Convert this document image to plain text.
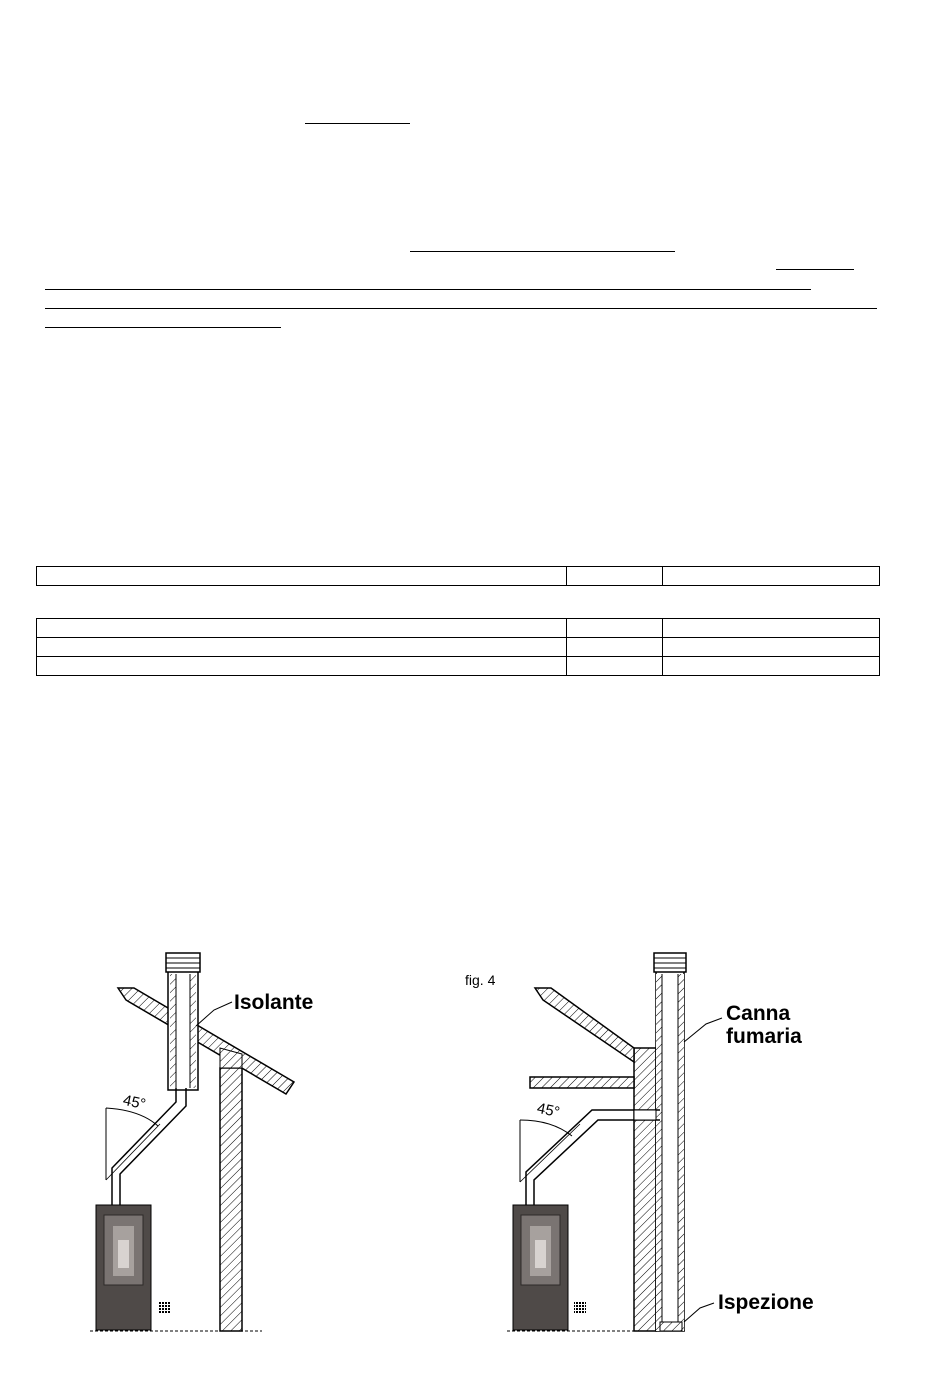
fig. 4
Isolante
45°	45°
Canna
fumaria
Ispezione
